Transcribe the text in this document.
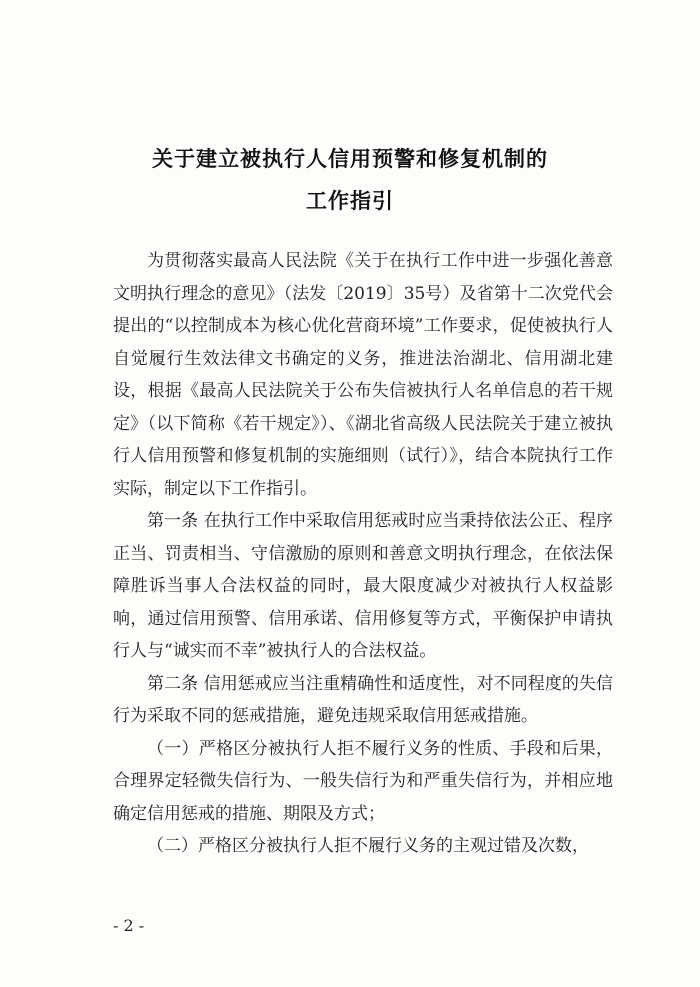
关于建立被执行人信用预警和修复机制的
工作指引

为贯彻落实最高人民法院《关于在执行工作中进一步强化善意文明执行理念的意见》（法发〔2019〕35号）及省第十二次党代会提出的“以控制成本为核心优化营商环境”工作要求，促使被执行人自觉履行生效法律文书确定的义务，推进法治湖北、信用湖北建设，根据《最高人民法院关于公布失信被执行人名单信息的若干规定》（以下简称《若干规定》）、《湖北省高级人民法院关于建立被执行人信用预警和修复机制的实施细则（试行）》，结合本院执行工作实际，制定以下工作指引。

第一条 在执行工作中采取信用惩戒时应当秉持依法公正、程序正当、罚责相当、守信激励的原则和善意文明执行理念，在依法保障胜诉当事人合法权益的同时，最大限度减少对被执行人权益影响，通过信用预警、信用承诺、信用修复等方式，平衡保护申请执行人与“诚实而不幸”被执行人的合法权益。

第二条 信用惩戒应当注重精确性和适度性，对不同程度的失信行为采取不同的惩戒措施，避免违规采取信用惩戒措施。

（一）严格区分被执行人拒不履行义务的性质、手段和后果，合理界定轻微失信行为、一般失信行为和严重失信行为，并相应地确定信用惩戒的措施、期限及方式；

（二）严格区分被执行人拒不履行义务的主观过错及次数，

- 2 -
